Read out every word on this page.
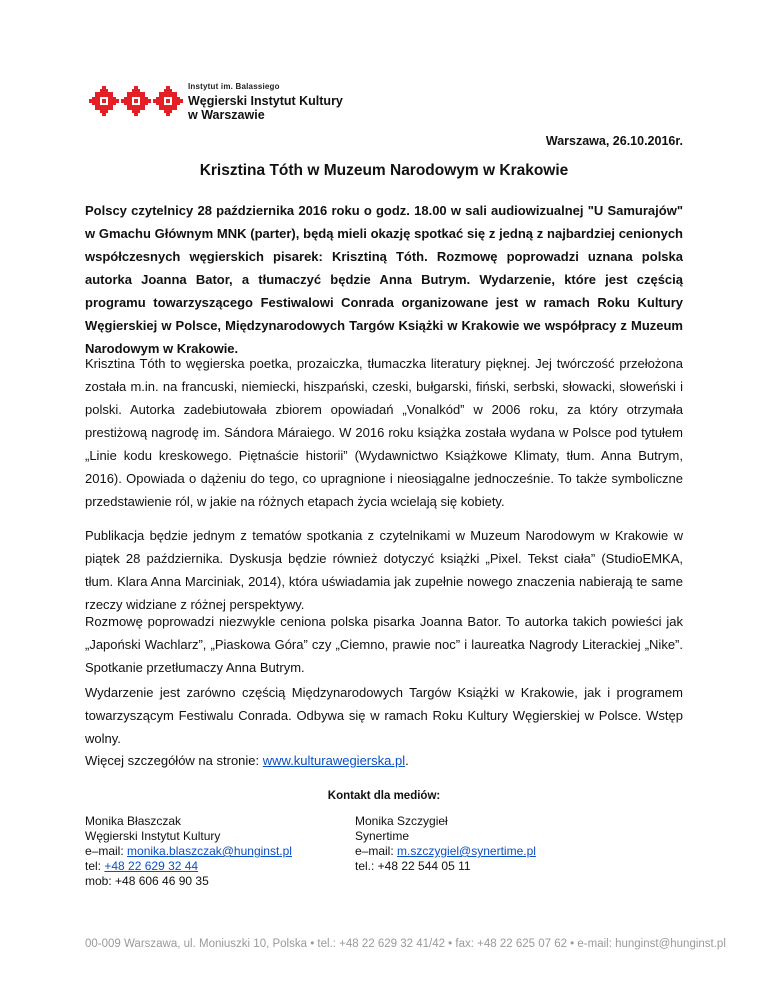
Instytut im. Balassiego
Węgierski Instytut Kultury
w Warszawie
Warszawa, 26.10.2016r.
Krisztina Tóth w Muzeum Narodowym w Krakowie

Polscy czytelnicy 28 października 2016 roku o godz. 18.00 w sali audiowizualnej "U Samurajów" w Gmachu Głównym MNK (parter), będą mieli okazję spotkać się z jedną z najbardziej cenionych współczesnych węgierskich pisarek: Krisztiną Tóth. Rozmowę poprowadzi uznana polska autorka Joanna Bator, a tłumaczyć będzie Anna Butrym. Wydarzenie, które jest częścią programu towarzyszącego Festiwalowi Conrada organizowane jest w ramach Roku Kultury Węgierskiej w Polsce, Międzynarodowych Targów Książki w Krakowie we współpracy z Muzeum Narodowym w Krakowie.

Krisztina Tóth to węgierska poetka, prozaiczka, tłumaczka literatury pięknej. Jej twórczość przełożona została m.in. na francuski, niemiecki, hiszpański, czeski, bułgarski, fiński, serbski, słowacki, słoweński i polski. Autorka zadebiutowała zbiorem opowiadań „Vonalkód” w 2006 roku, za który otrzymała prestiżową nagrodę im. Sándora Máraiego. W 2016 roku książka została wydana w Polsce pod tytułem „Linie kodu kreskowego. Piętnaście historii” (Wydawnictwo Książkowe Klimaty, tłum. Anna Butrym, 2016). Opowiada o dążeniu do tego, co upragnione i nieosiągalne jednocześnie. To także symboliczne przedstawienie ról, w jakie na różnych etapach życia wcielają się kobiety.

Publikacja będzie jednym z tematów spotkania z czytelnikami w Muzeum Narodowym w Krakowie w piątek 28 października. Dyskusja będzie również dotyczyć książki „Pixel. Tekst ciała” (StudioEMKA, tłum. Klara Anna Marciniak, 2014), która uświadamia jak zupełnie nowego znaczenia nabierają te same rzeczy widziane z różnej perspektywy.

Rozmowę poprowadzi niezwykle ceniona polska pisarka Joanna Bator. To autorka takich powieści jak „Japoński Wachlarz”, „Piaskowa Góra” czy „Ciemno, prawie noc” i laureatka Nagrody Literackiej „Nike”. Spotkanie przetłumaczy Anna Butrym.

Wydarzenie jest zarówno częścią Międzynarodowych Targów Książki w Krakowie, jak i programem towarzyszącym Festiwalu Conrada. Odbywa się w ramach Roku Kultury Węgierskiej w Polsce. Wstęp wolny.

Więcej szczegółów na stronie: www.kulturawegierska.pl.

Kontakt dla mediów:
Monika Błaszczak
Węgierski Instytut Kultury
e–mail: monika.blaszczak@hunginst.pl
tel: +48 22 629 32 44
mob: +48 606 46 90 35
Monika Szczygieł
Synertime
e–mail: m.szczygiel@synertime.pl
tel.: +48 22 544 05 11
00-009 Warszawa, ul. Moniuszki 10, Polska • tel.: +48 22 629 32 41/42 • fax: +48 22 625 07 62 • e-mail: hunginst@hunginst.pl
